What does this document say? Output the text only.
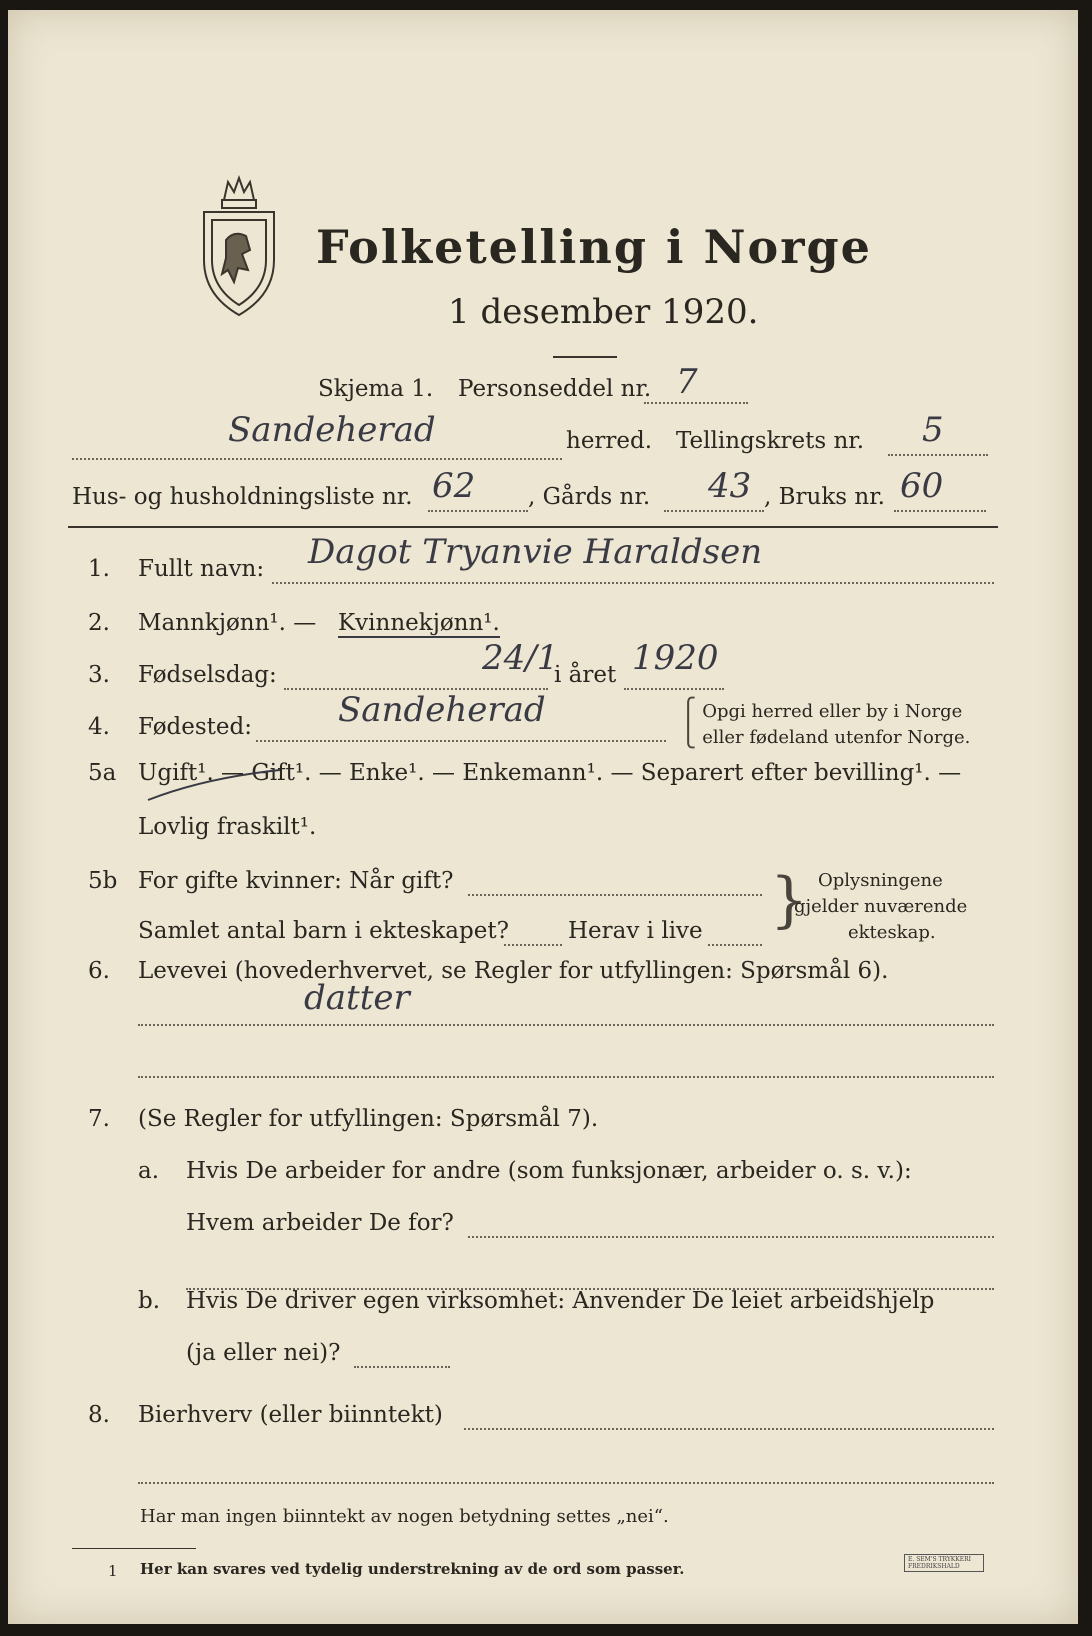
Folketelling i Norge
1 desember 1920.
Skjema 1. Personseddel nr. 7
Sandeherad	herred. Tellingskrets nr. 5
Hus- og husholdningsliste nr. 62 , Gårds nr. 43 , Bruks nr. 60
1. Fullt navn: Dagot Tryanvie Haraldsen
2. Mannkjønn¹. — Kvinnekjønn¹.
3. Fødselsdag:	24/1
i året 1920
4. Fødested:	Sandeherad	⎧ Opgi herred eller by i Norge
⎩ eller fødeland utenfor Norge.
5a Ugift¹. — Gift¹. — Enke¹. — Enkemann¹. — Separert efter bevilling¹. —
Lovlig fraskilt¹.
5b For gifte kvinner: Når gift?
Samlet antal barn i ekteskapet?	Herav i live } Oplysningene
gjelder nuværende
ekteskap.
6. Levevei (hovederhvervet, se Regler for utfyllingen: Spørsmål 6).
datter
7. (Se Regler for utfyllingen: Spørsmål 7).
a. Hvis De arbeider for andre (som funksjonær, arbeider o. s. v.):
Hvem arbeider De for?
b. Hvis De driver egen virksomhet: Anvender De leiet arbeidshjelp
(ja eller nei)?
8. Bierhverv (eller biinntekt)
Har man ingen biinntekt av nogen betydning settes „nei“.
1 Her kan svares ved tydelig understrekning av de ord som passer.
E. SEM'S TRYKKERI FREDRIKSHALD
